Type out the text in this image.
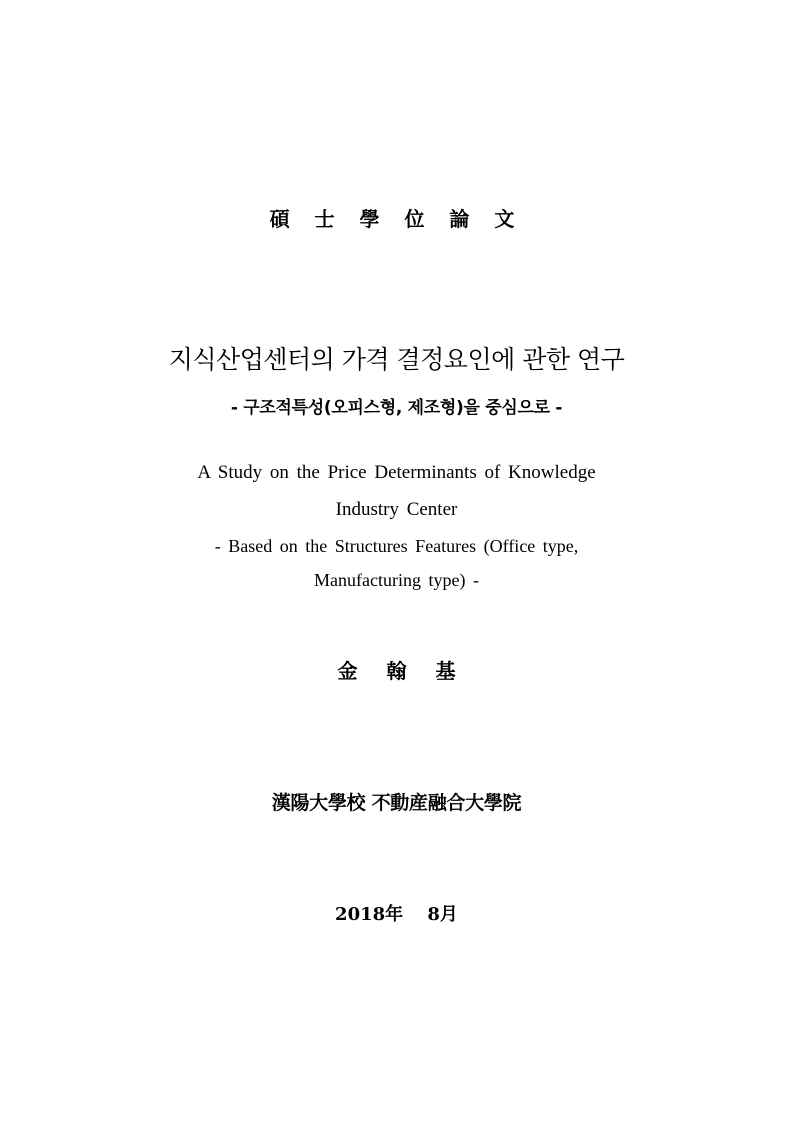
碩 士 學 位 論 文
지식산업센터의 가격 결정요인에 관한 연구
- 구조적특성(오피스형, 제조형)을 중심으로 -
A Study on the Price Determinants of Knowledge
Industry Center
- Based on the Structures Features (Office type,
Manufacturing type) -
金 翰 基
漢陽大學校 不動産融合大學院
2018年 8月
